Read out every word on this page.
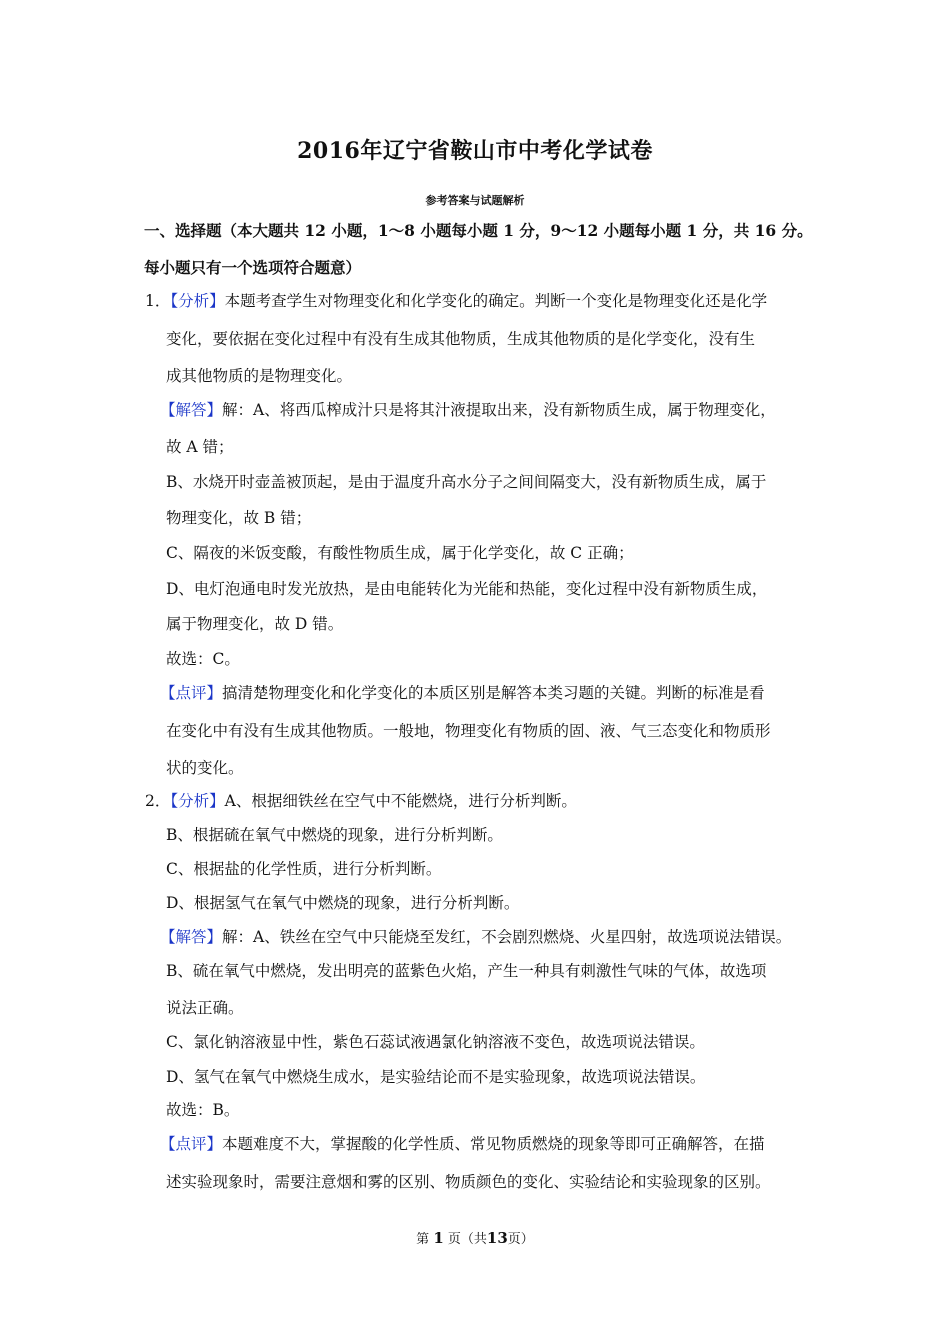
2016年辽宁省鞍山市中考化学试卷
参考答案与试题解析
一、选择题（本大题共 12 小题，1～8 小题每小题 1 分，9～12 小题每小题 1 分，共 16 分。
每小题只有一个选项符合题意）
1．【分析】本题考查学生对物理变化和化学变化的确定。判断一个变化是物理变化还是化学
变化，要依据在变化过程中有没有生成其他物质，生成其他物质的是化学变化，没有生
成其他物质的是物理变化。
【解答】解：A、将西瓜榨成汁只是将其汁液提取出来，没有新物质生成，属于物理变化，
故 A 错；
B、水烧开时壶盖被顶起，是由于温度升高水分子之间间隔变大，没有新物质生成，属于
物理变化，故 B 错；
C、隔夜的米饭变酸，有酸性物质生成，属于化学变化，故 C 正确；
D、电灯泡通电时发光放热，是由电能转化为光能和热能，变化过程中没有新物质生成，
属于物理变化，故 D 错。
故选：C。
【点评】搞清楚物理变化和化学变化的本质区别是解答本类习题的关键。判断的标准是看
在变化中有没有生成其他物质。一般地，物理变化有物质的固、液、气三态变化和物质形
状的变化。
2．【分析】A、根据细铁丝在空气中不能燃烧，进行分析判断。
B、根据硫在氧气中燃烧的现象，进行分析判断。
C、根据盐的化学性质，进行分析判断。
D、根据氢气在氧气中燃烧的现象，进行分析判断。
【解答】解：A、铁丝在空气中只能烧至发红，不会剧烈燃烧、火星四射，故选项说法错误。
B、硫在氧气中燃烧，发出明亮的蓝紫色火焰，产生一种具有刺激性气味的气体，故选项
说法正确。
C、氯化钠溶液显中性，紫色石蕊试液遇氯化钠溶液不变色，故选项说法错误。
D、氢气在氧气中燃烧生成水，是实验结论而不是实验现象，故选项说法错误。
故选：B。
【点评】本题难度不大，掌握酸的化学性质、常见物质燃烧的现象等即可正确解答，在描
述实验现象时，需要注意烟和雾的区别、物质颜色的变化、实验结论和实验现象的区别。
第 1 页（共13页）
